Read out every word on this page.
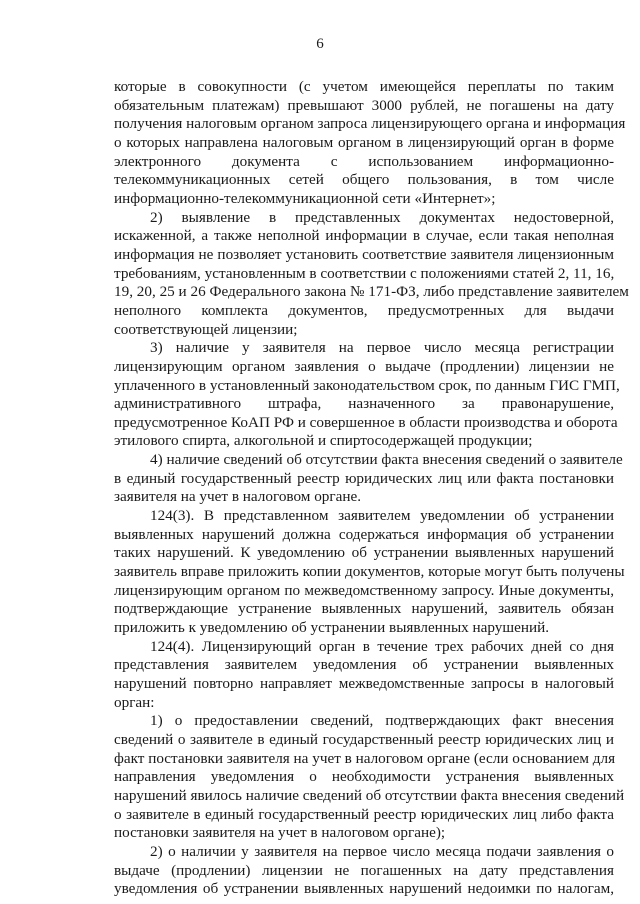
6
которые в совокупности (с учетом имеющейся переплаты по таким
обязательным платежам) превышают 3000 рублей, не погашены на дату
получения налоговым органом запроса лицензирующего органа и информация
о которых направлена налоговым органом в лицензирующий орган в форме
электронного документа с использованием информационно-
телекоммуникационных сетей общего пользования, в том числе
информационно-телекоммуникационной сети «Интернет»;
2) выявление в представленных документах недостоверной,
искаженной, а также неполной информации в случае, если такая неполная
информация не позволяет установить соответствие заявителя лицензионным
требованиям, установленным в соответствии с положениями статей 2, 11, 16,
19, 20, 25 и 26 Федерального закона № 171-ФЗ, либо представление заявителем
неполного комплекта документов, предусмотренных для выдачи
соответствующей лицензии;
3) наличие у заявителя на первое число месяца регистрации
лицензирующим органом заявления о выдаче (продлении) лицензии не
уплаченного в установленный законодательством срок, по данным ГИС ГМП,
административного штрафа, назначенного за правонарушение,
предусмотренное КоАП РФ и совершенное в области производства и оборота
этилового спирта, алкогольной и спиртосодержащей продукции;
4) наличие сведений об отсутствии факта внесения сведений о заявителе
в единый государственный реестр юридических лиц или факта постановки
заявителя на учет в налоговом органе.
124(3). В представленном заявителем уведомлении об устранении
выявленных нарушений должна содержаться информация об устранении
таких нарушений. К уведомлению об устранении выявленных нарушений
заявитель вправе приложить копии документов, которые могут быть получены
лицензирующим органом по межведомственному запросу. Иные документы,
подтверждающие устранение выявленных нарушений, заявитель обязан
приложить к уведомлению об устранении выявленных нарушений.
124(4). Лицензирующий орган в течение трех рабочих дней со дня
представления заявителем уведомления об устранении выявленных
нарушений повторно направляет межведомственные запросы в налоговый
орган:
1) о предоставлении сведений, подтверждающих факт внесения
сведений о заявителе в единый государственный реестр юридических лиц и
факт постановки заявителя на учет в налоговом органе (если основанием для
направления уведомления о необходимости устранения выявленных
нарушений явилось наличие сведений об отсутствии факта внесения сведений
о заявителе в единый государственный реестр юридических лиц либо факта
постановки заявителя на учет в налоговом органе);
2) о наличии у заявителя на первое число месяца подачи заявления о
выдаче (продлении) лицензии не погашенных на дату представления
уведомления об устранении выявленных нарушений недоимки по налогам,
